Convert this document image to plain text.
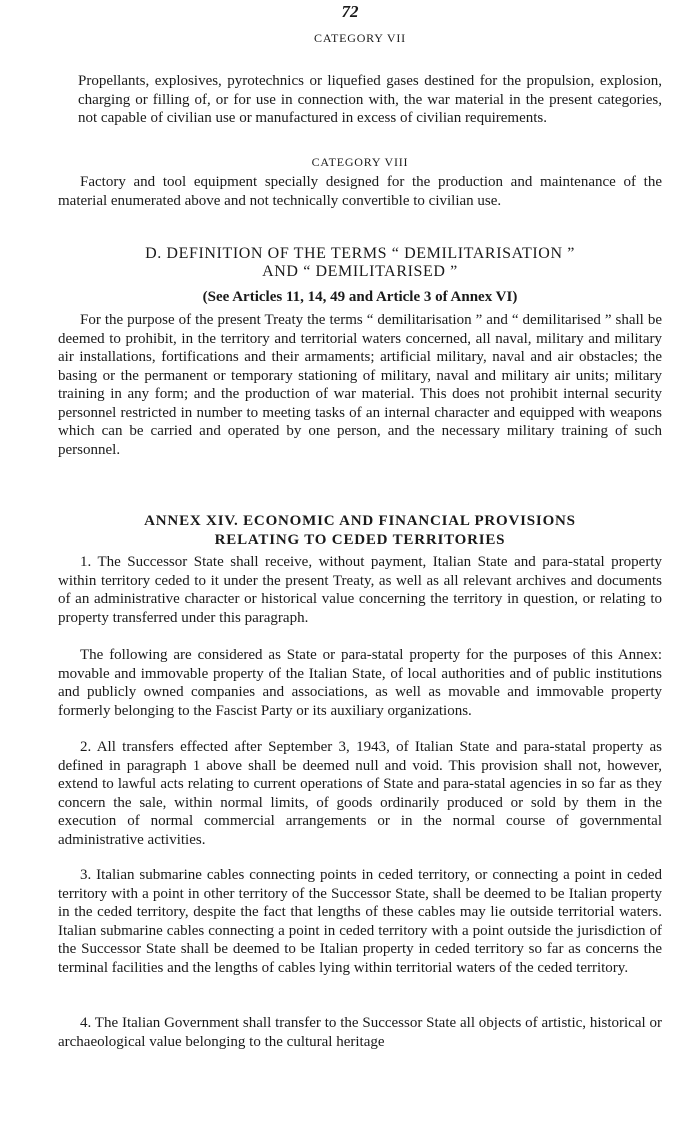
72
CATEGORY VII

Propellants, explosives, pyrotechnics or liquefied gases destined for the propulsion, explosion, charging or filling of, or for use in connection with, the war material in the present categories, not capable of civilian use or manufactured in excess of civilian requirements.

CATEGORY VIII

Factory and tool equipment specially designed for the production and maintenance of the material enumerated above and not technically convertible to civilian use.

D. DEFINITION OF THE TERMS “ DEMILITARISATION ”
AND “ DEMILITARISED ”
(See Articles 11, 14, 49 and Article 3 of Annex VI)

For the purpose of the present Treaty the terms “ demilitarisation ” and “ demilitarised ” shall be deemed to prohibit, in the territory and territorial waters concerned, all naval, military and military air installations, fortifications and their armaments; artificial military, naval and air obstacles; the basing or the permanent or temporary stationing of military, naval and military air units; military training in any form; and the production of war material. This does not prohibit internal security personnel restricted in number to meeting tasks of an internal character and equipped with weapons which can be carried and operated by one person, and the necessary military training of such personnel.

ANNEX XIV. ECONOMIC AND FINANCIAL PROVISIONS
RELATING TO CEDED TERRITORIES

1. The Successor State shall receive, without payment, Italian State and para-statal property within territory ceded to it under the present Treaty, as well as all relevant archives and documents of an administrative character or historical value concerning the territory in question, or relating to property transferred under this paragraph.

The following are considered as State or para-statal property for the purposes of this Annex: movable and immovable property of the Italian State, of local authorities and of public institutions and publicly owned companies and associations, as well as movable and immovable property formerly belonging to the Fascist Party or its auxiliary organizations.

2. All transfers effected after September 3, 1943, of Italian State and para-statal property as defined in paragraph 1 above shall be deemed null and void. This provision shall not, however, extend to lawful acts relating to current operations of State and para-statal agencies in so far as they concern the sale, within normal limits, of goods ordinarily produced or sold by them in the execution of normal commercial arrangements or in the normal course of governmental administrative activities.

3. Italian submarine cables connecting points in ceded territory, or connecting a point in ceded territory with a point in other territory of the Successor State, shall be deemed to be Italian property in the ceded territory, despite the fact that lengths of these cables may lie outside territorial waters. Italian submarine cables connecting a point in ceded territory with a point outside the jurisdiction of the Successor State shall be deemed to be Italian property in ceded territory so far as concerns the terminal facilities and the lengths of cables lying within territorial waters of the ceded territory.

4. The Italian Government shall transfer to the Successor State all objects of artistic, historical or archaeological value belonging to the cultural heritage
